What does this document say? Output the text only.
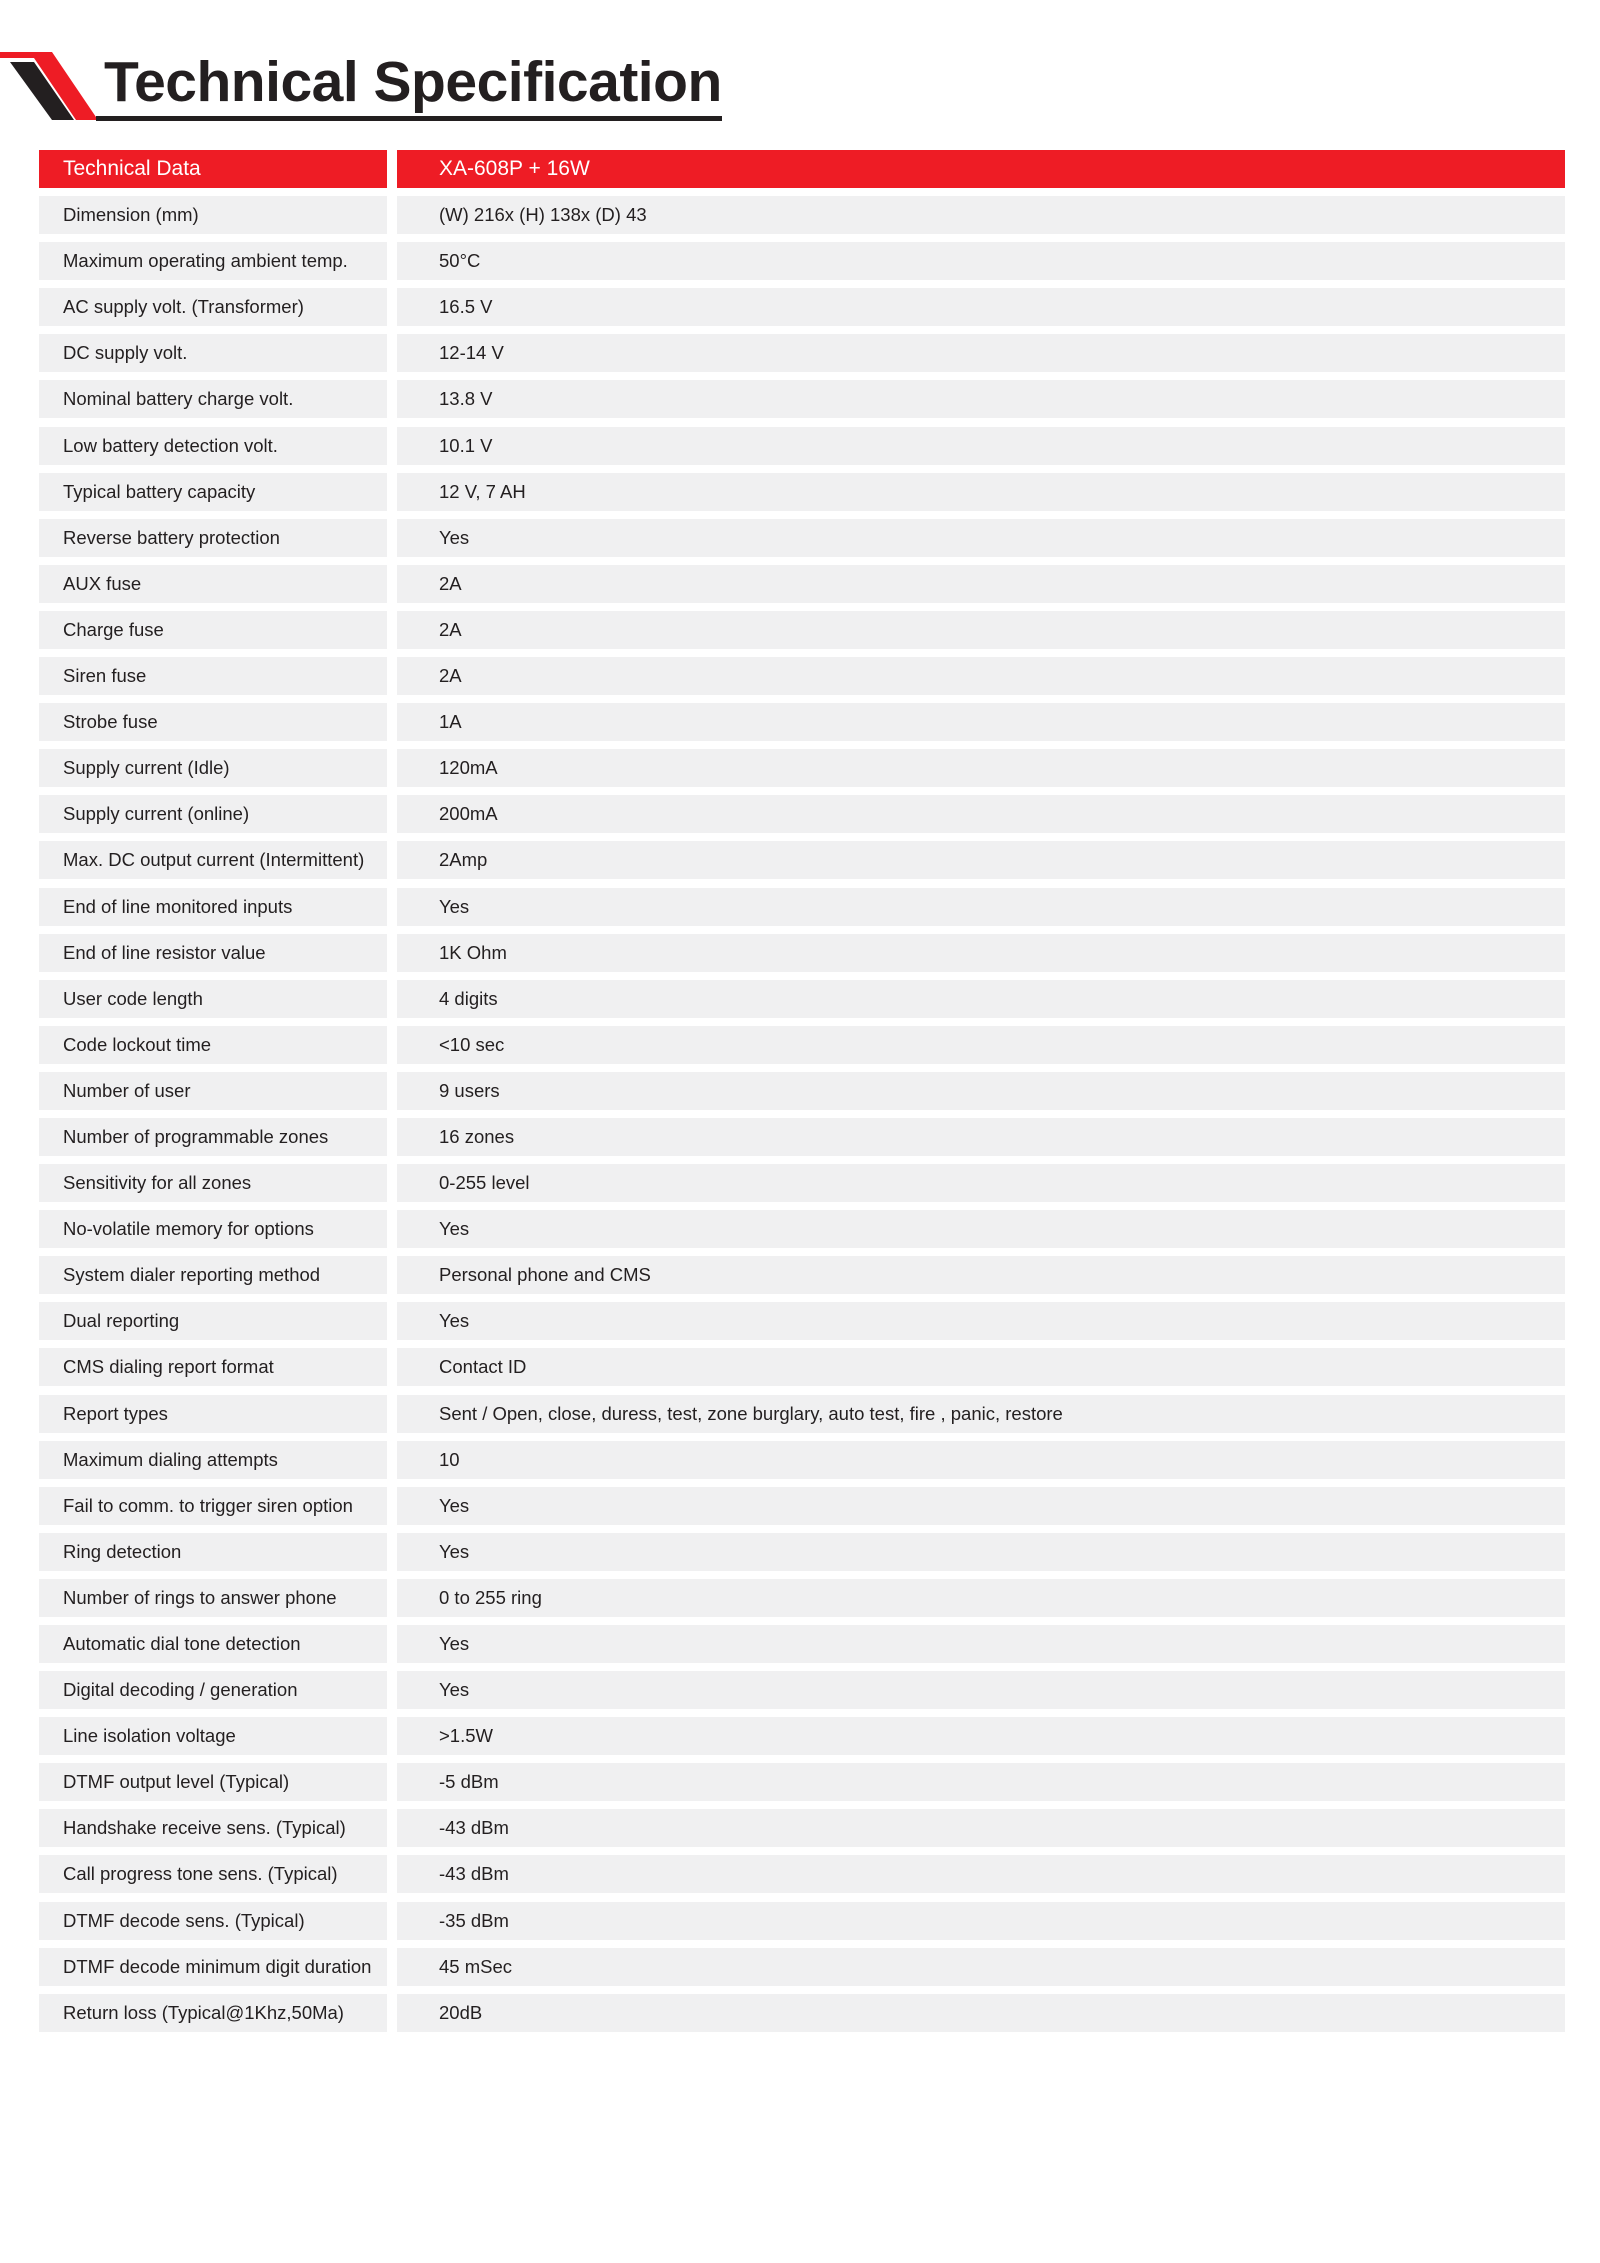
Technical Specification
Technical Data	XA-608P + 16W
Dimension (mm)	(W) 216x (H) 138x (D) 43
Maximum operating ambient temp.	50°C
AC supply volt. (Transformer)	16.5 V
DC supply volt.	12-14 V
Nominal battery charge volt.	13.8 V
Low battery detection volt.	10.1 V
Typical battery capacity	12 V, 7 AH
Reverse battery protection	Yes
AUX fuse	2A
Charge fuse	2A
Siren fuse	2A
Strobe fuse	1A
Supply current (Idle)	120mA
Supply current (online)	200mA
Max. DC output current (Intermittent)	2Amp
End of line monitored inputs	Yes
End of line resistor value	1K Ohm
User code length	4 digits
Code lockout time	<10 sec
Number of user	9 users
Number of programmable zones	16 zones
Sensitivity for all zones	0-255 level
No-volatile memory for options	Yes
System dialer reporting method	Personal phone and CMS
Dual reporting	Yes
CMS dialing report format	Contact ID
Report types	Sent / Open, close, duress, test, zone burglary, auto test, fire , panic, restore
Maximum dialing attempts	10
Fail to comm. to trigger siren option	Yes
Ring detection	Yes
Number of rings to answer phone	0 to 255 ring
Automatic dial tone detection	Yes
Digital decoding / generation	Yes
Line isolation voltage	>1.5W
DTMF output level (Typical)	-5 dBm
Handshake receive sens. (Typical)	-43 dBm
Call progress tone sens. (Typical)	-43 dBm
DTMF decode sens. (Typical)	-35 dBm
DTMF decode minimum digit duration	45 mSec
Return loss (Typical@1Khz,50Ma)	20dB
